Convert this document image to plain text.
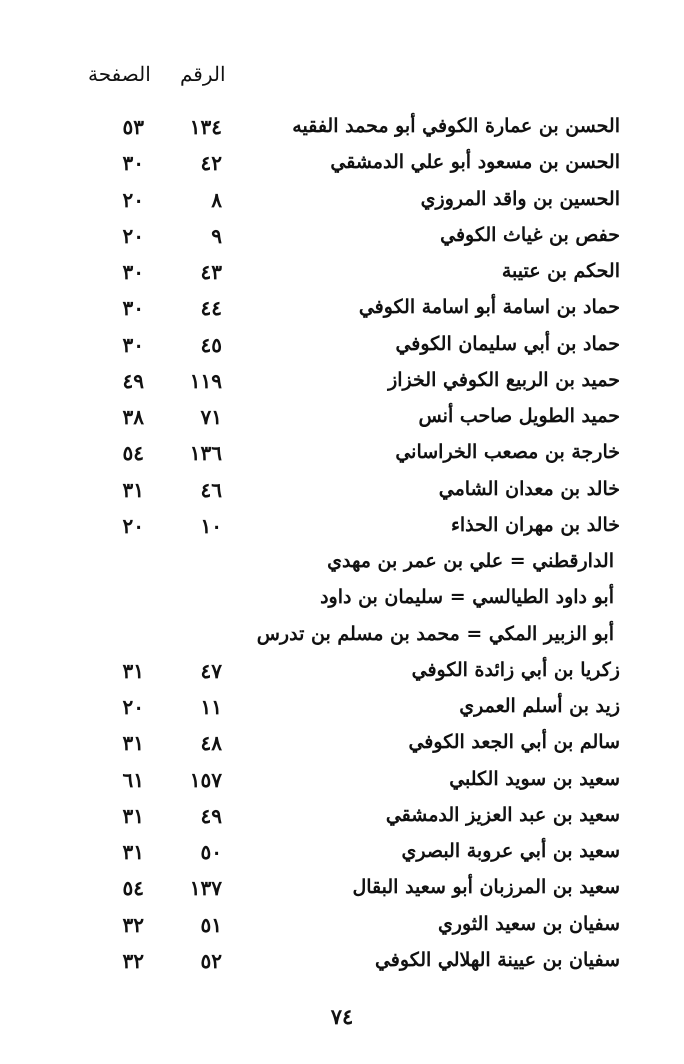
الصفحة الرقم
الحسن بن عمارة الكوفي أبو محمد الفقيه
١٣٤
٥٣
الحسن بن مسعود أبو علي الدمشقي
٤٢
٣٠
الحسين بن واقد المروزي
٨
٢٠
حفص بن غياث الكوفي
٩
٢٠
الحكم بن عتيبة
٤٣
٣٠
حماد بن اسامة أبو اسامة الكوفي
٤٤
٣٠
حماد بن أبي سليمان الكوفي
٤٥
٣٠
حميد بن الربيع الكوفي الخزاز
١١٩
٤٩
حميد الطويل صاحب أنس
٧١
٣٨
خارجة بن مصعب الخراساني
١٣٦
٥٤
خالد بن معدان الشامي
٤٦
٣١
خالد بن مهران الحذاء
١٠
٢٠
الدارقطني = علي بن عمر بن مهدي
أبو داود الطيالسي = سليمان بن داود
أبو الزبير المكي = محمد بن مسلم بن تدرس
زكريا بن أبي زائدة الكوفي
٤٧
٣١
زيد بن أسلم العمري
١١
٢٠
سالم بن أبي الجعد الكوفي
٤٨
٣١
سعيد بن سويد الكلبي
١٥٧
٦١
سعيد بن عبد العزيز الدمشقي
٤٩
٣١
سعيد بن أبي عروبة البصري
٥٠
٣١
سعيد بن المرزبان أبو سعيد البقال
١٣٧
٥٤
سفيان بن سعيد الثوري
٥١
٣٢
سفيان بن عيينة الهلالي الكوفي
٥٢
٣٢
٧٤
